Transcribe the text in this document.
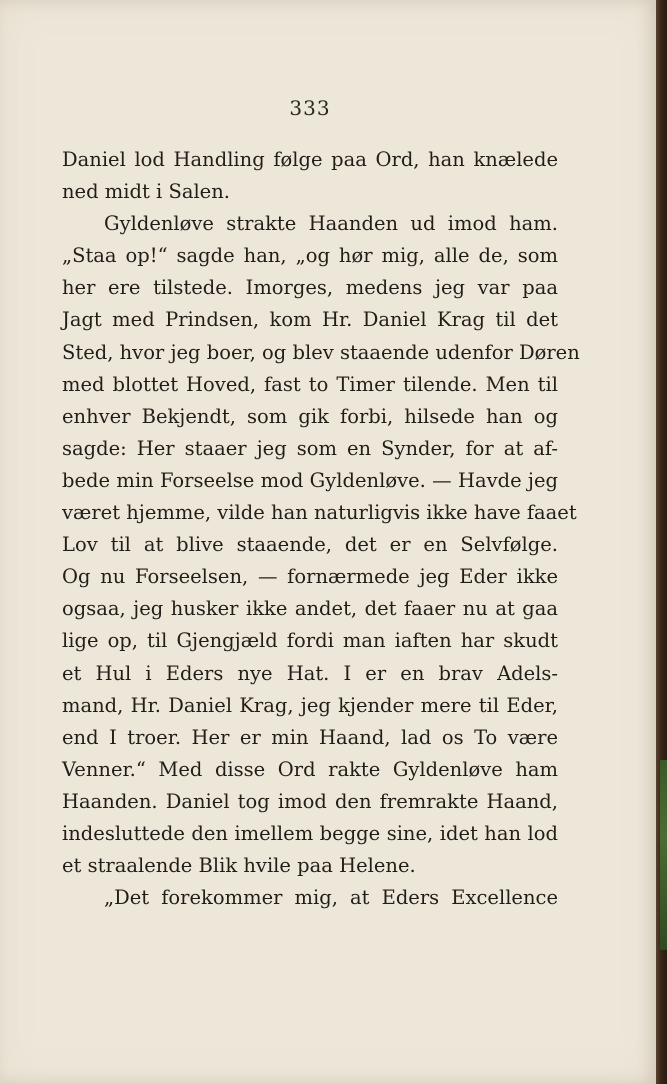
333
Daniel lod Handling følge paa Ord, han knælede
ned midt i Salen.
Gyldenløve strakte Haanden ud imod ham.
„Staa op!“ sagde han, „og hør mig, alle de, som
her ere tilstede. Imorges, medens jeg var paa
Jagt med Prindsen, kom Hr. Daniel Krag til det
Sted, hvor jeg boer, og blev staaende udenfor Døren
med blottet Hoved, fast to Timer tilende. Men til
enhver Bekjendt, som gik forbi, hilsede han og
sagde: Her staaer jeg som en Synder, for at af-
bede min Forseelse mod Gyldenløve. — Havde jeg
været hjemme, vilde han naturligvis ikke have faaet
Lov til at blive staaende, det er en Selvfølge.
Og nu Forseelsen, — fornærmede jeg Eder ikke
ogsaa, jeg husker ikke andet, det faaer nu at gaa
lige op, til Gjengjæld fordi man iaften har skudt
et Hul i Eders nye Hat. I er en brav Adels-
mand, Hr. Daniel Krag, jeg kjender mere til Eder,
end I troer. Her er min Haand, lad os To være
Venner.“ Med disse Ord rakte Gyldenløve ham
Haanden. Daniel tog imod den fremrakte Haand,
indesluttede den imellem begge sine, idet han lod
et straalende Blik hvile paa Helene.
„Det forekommer mig, at Eders Excellence
